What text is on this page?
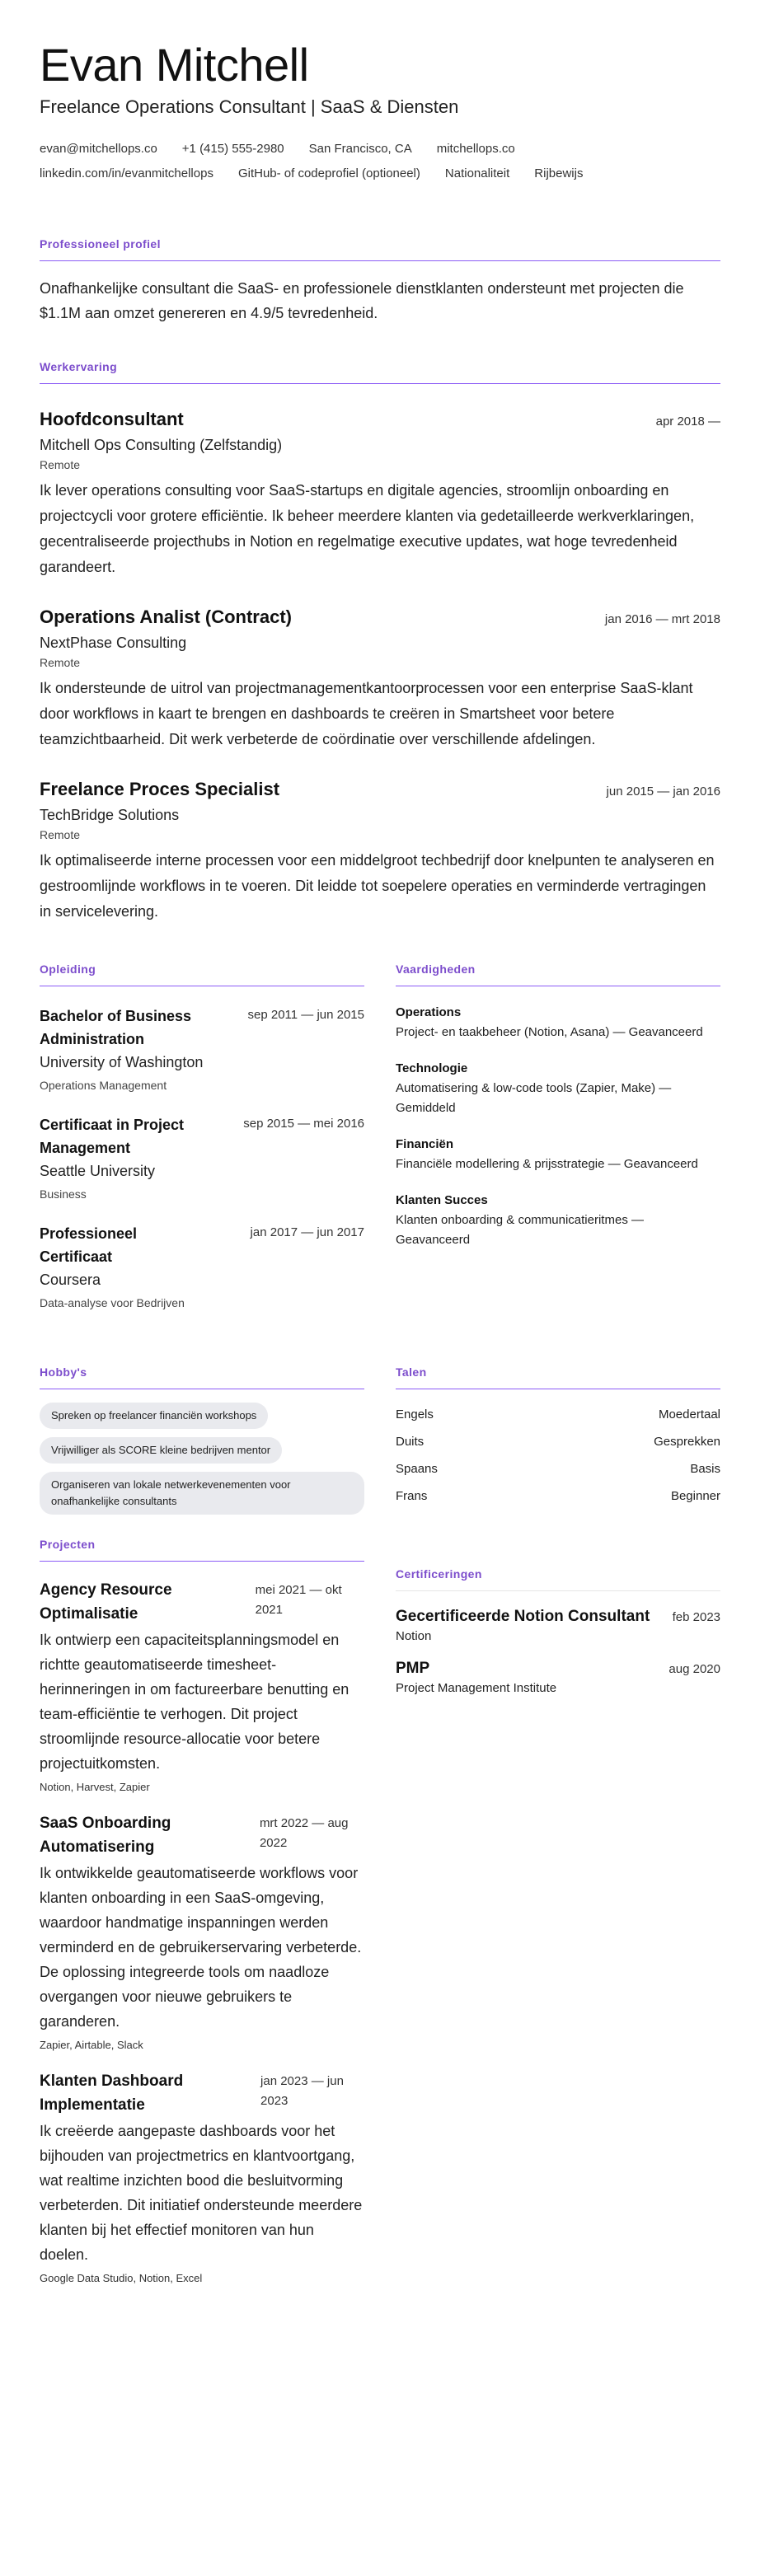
Evan Mitchell
Freelance Operations Consultant | SaaS & Diensten
evan@mitchellops.co +1 (415) 555-2980 San Francisco, CA mitchellops.co
linkedin.com/in/evanmitchellops GitHub- of codeprofiel (optioneel) Nationaliteit Rijbewijs
Professioneel profiel
Onafhankelijke consultant die SaaS- en professionele dienstklanten ondersteunt met projecten die $1.1M aan omzet genereren en 4.9/5 tevredenheid.
Werkervaring
Hoofdconsultant	apr 2018 —
Mitchell Ops Consulting (Zelfstandig)
Remote
Ik lever operations consulting voor SaaS-startups en digitale agencies, stroomlijn onboarding en projectcycli voor grotere efficiëntie. Ik beheer meerdere klanten via gedetailleerde werkverklaringen, gecentraliseerde projecthubs in Notion en regelmatige executive updates, wat hoge tevredenheid garandeert.
Operations Analist (Contract)	jan 2016 — mrt 2018
NextPhase Consulting
Remote
Ik ondersteunde de uitrol van projectmanagementkantoorprocessen voor een enterprise SaaS-klant door workflows in kaart te brengen en dashboards te creëren in Smartsheet voor betere teamzichtbaarheid. Dit werk verbeterde de coördinatie over verschillende afdelingen.
Freelance Proces Specialist	jun 2015 — jan 2016
TechBridge Solutions
Remote
Ik optimaliseerde interne processen voor een middelgroot techbedrijf door knelpunten te analyseren en gestroomlijnde workflows in te voeren. Dit leidde tot soepelere operaties en verminderde vertragingen in servicelevering.
Opleiding
Bachelor of Business Administration
sep 2011 — jun 2015
University of Washington
Operations Management
Certificaat in Project Management
sep 2015 — mei 2016
Seattle University
Business
Professioneel Certificaat
jan 2017 — jun 2017
Coursera
Data-analyse voor Bedrijven
Vaardigheden
Operations
Project- en taakbeheer (Notion, Asana) — Geavanceerd
Technologie
Automatisering & low-code tools (Zapier, Make) — Gemiddeld
Financiën
Financiële modellering & prijsstrategie — Geavanceerd
Klanten Succes
Klanten onboarding & communicatieritmes — Geavanceerd
Hobby's
Spreken op freelancer financiën workshops
Vrijwilliger als SCORE kleine bedrijven mentor
Organiseren van lokale netwerkevenementen voor onafhankelijke consultants
Talen
Engels	Moedertaal
Duits	Gesprekken
Spaans	Basis
Frans	Beginner
Projecten
Agency Resource Optimalisatie
mei 2021 — okt 2021
Ik ontwierp een capaciteitsplanningsmodel en richtte geautomatiseerde timesheet-herinneringen in om factureerbare benutting en team-efficiëntie te verhogen. Dit project stroomlijnde resource-allocatie voor betere projectuitkomsten.
Notion, Harvest, Zapier
SaaS Onboarding Automatisering
mrt 2022 — aug 2022
Ik ontwikkelde geautomatiseerde workflows voor klanten onboarding in een SaaS-omgeving, waardoor handmatige inspanningen werden verminderd en de gebruikerservaring verbeterde. De oplossing integreerde tools om naadloze overgangen voor nieuwe gebruikers te garanderen.
Zapier, Airtable, Slack
Klanten Dashboard Implementatie
jan 2023 — jun 2023
Ik creëerde aangepaste dashboards voor het bijhouden van projectmetrics en klantvoortgang, wat realtime inzichten bood die besluitvorming verbeterden. Dit initiatief ondersteunde meerdere klanten bij het effectief monitoren van hun doelen.
Google Data Studio, Notion, Excel
Certificeringen
Gecertificeerde Notion Consultant feb 2023
Notion
PMP	aug 2020
Project Management Institute
